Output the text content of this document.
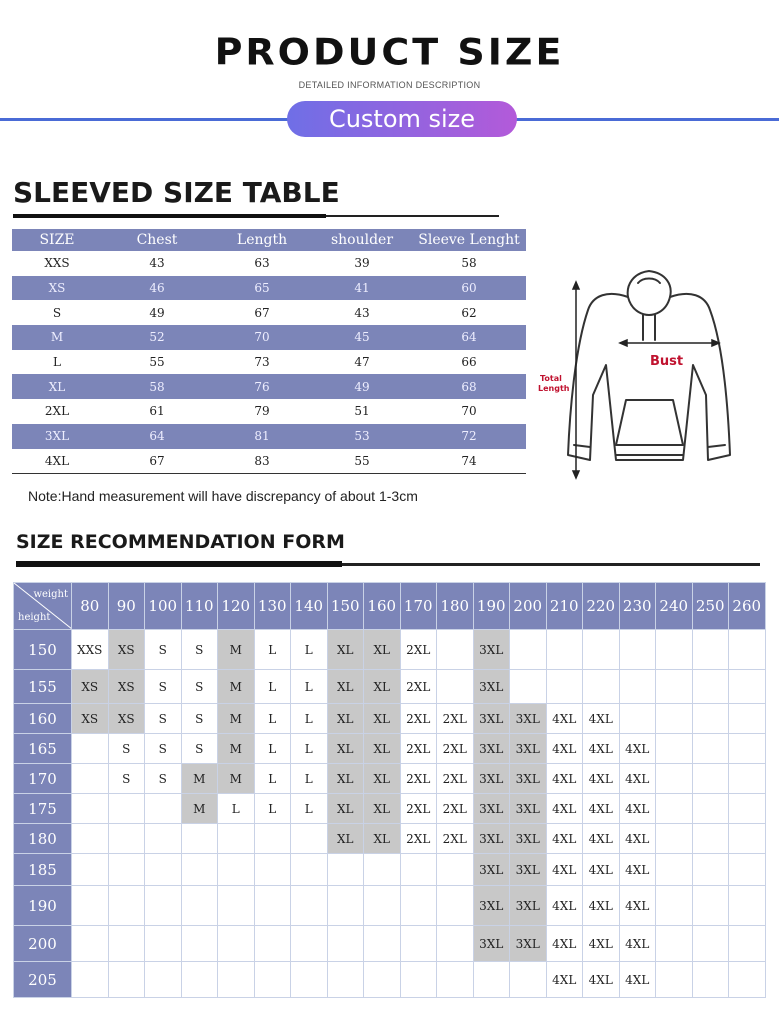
PRODUCT SIZE
DETAILED INFORMATION DESCRIPTION
Custom size
SLEEVED SIZE TABLE
SIZE	Chest	Length	shoulder	Sleeve Lenght
XXS	43	63	39	58
XS	46	65	41	60
S	49	67	43	62
M	52	70	45	64
L	55	73	47	66
XL	58	76	49	68
2XL	61	79	51	70
3XL	64	81	53	72
4XL	67	83	55	74
Note:Hand measurement will have discrepancy of about 1-3cm
Bust
Total
Length
SIZE RECOMMENDATION FORM
weight
height	80	90	100	110	120	130	140	150	160	170	180	190	200	210	220	230	240	250	260
150	XXS	XS	S	S	M	L	L	XL	XL	2XL		3XL							
155	XS	XS	S	S	M	L	L	XL	XL	2XL		3XL							
160	XS	XS	S	S	M	L	L	XL	XL	2XL	2XL	3XL	3XL	4XL	4XL				
165		S	S	S	M	L	L	XL	XL	2XL	2XL	3XL	3XL	4XL	4XL	4XL			
170		S	S	M	M	L	L	XL	XL	2XL	2XL	3XL	3XL	4XL	4XL	4XL			
175				M	L	L	L	XL	XL	2XL	2XL	3XL	3XL	4XL	4XL	4XL			
180								XL	XL	2XL	2XL	3XL	3XL	4XL	4XL	4XL			
185												3XL	3XL	4XL	4XL	4XL			
190												3XL	3XL	4XL	4XL	4XL			
200												3XL	3XL	4XL	4XL	4XL			
205														4XL	4XL	4XL			
